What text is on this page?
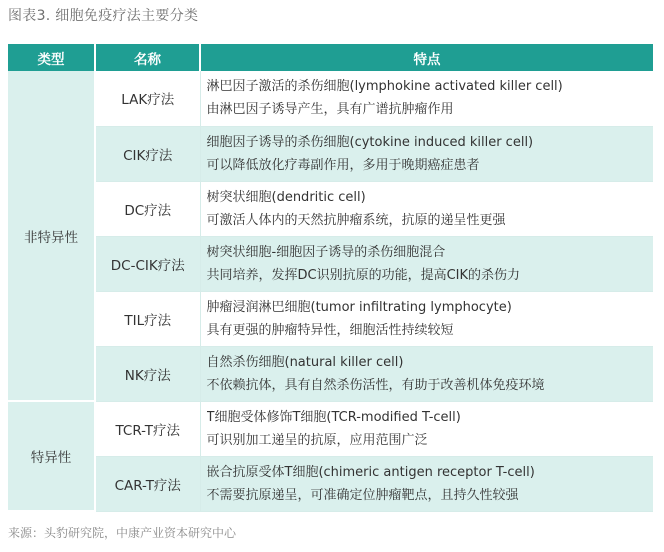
图表3. 细胞免疫疗法主要分类
类型	名称	特点
非特异性	LAK疗法	淋巴因子激活的杀伤细胞(lymphokine activated killer cell)
由淋巴因子诱导产生，具有广谱抗肿瘤作用

	CIK疗法	细胞因子诱导的杀伤细胞(cytokine induced killer cell)
可以降低放化疗毒副作用，多用于晚期癌症患者

	DC疗法	树突状细胞(dendritic cell)
可激活人体内的天然抗肿瘤系统，抗原的递呈性更强

	DC-CIK疗法	树突状细胞-细胞因子诱导的杀伤细胞混合
共同培养，发挥DC识别抗原的功能，提高CIK的杀伤力

	TIL疗法	肿瘤浸润淋巴细胞(tumor infiltrating lymphocyte)
具有更强的肿瘤特异性，细胞活性持续较短

	NK疗法	自然杀伤细胞(natural killer cell)
不依赖抗体，具有自然杀伤活性，有助于改善机体免疫环境

特异性	TCR-T疗法	T细胞受体修饰T细胞(TCR-modified T-cell)
可识别加工递呈的抗原，应用范围广泛

	CAR-T疗法	嵌合抗原受体T细胞(chimeric antigen receptor T-cell)
不需要抗原递呈，可准确定位肿瘤靶点，且持久性较强
来源：头豹研究院，中康产业资本研究中心
